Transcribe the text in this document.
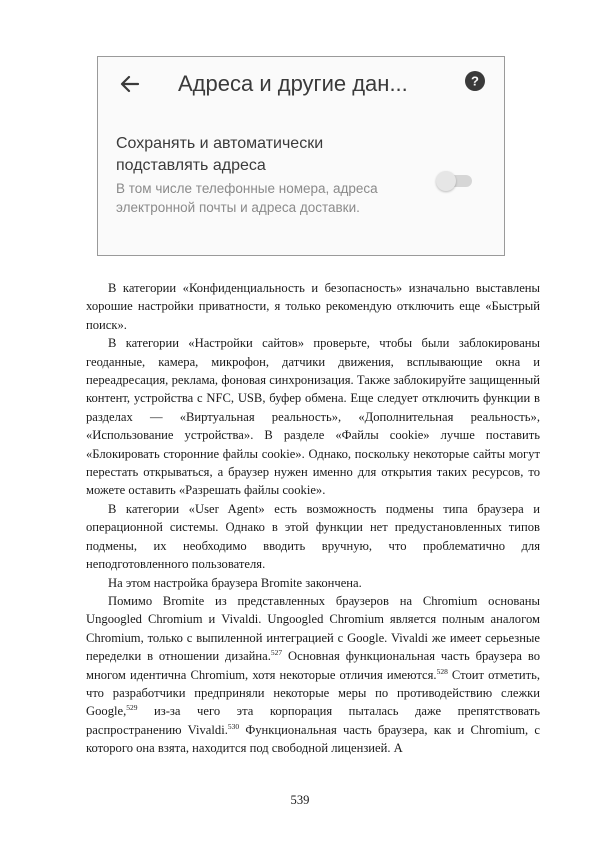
Адреса и другие дан...	?
Сохранять и автоматически подставлять адреса
В том числе телефонные номера, адреса электронной почты и адреса доставки.

В категории «Конфиденциальность и безопасность» изначально выставлены хорошие настройки приватности, я только рекомендую отключить еще «Быстрый поиск».

В категории «Настройки сайтов» проверьте, чтобы были заблокированы геоданные, камера, микрофон, датчики движения, всплывающие окна и переадресация, реклама, фоновая синхронизация. Также заблокируйте защищенный контент, устройства с NFC, USB, буфер обмена. Еще следует отключить функции в разделах — «Виртуальная реальность», «Дополнительная реальность», «Использование устройства». В разделе «Файлы cookie» лучше поставить «Блокировать сторонние файлы cookie». Однако, поскольку некоторые сайты могут перестать открываться, а браузер нужен именно для открытия таких ресурсов, то можете оставить «Разрешать файлы cookie».

В категории «User Agent» есть возможность подмены типа браузера и операционной системы. Однако в этой функции нет предустановленных типов подмены, их необходимо вводить вручную, что проблематично для неподготовленного пользователя.

На этом настройка браузера Bromite закончена.

Помимо Bromite из представленных браузеров на Chromium основаны Ungoogled Chromium и Vivaldi. Ungoogled Chromium является полным аналогом Chromium, только с выпиленной интеграцией с Google. Vivaldi же имеет серьезные переделки в отношении дизайна.$^{527}$ Основная функциональная часть браузера во многом идентична Chromium, хотя некоторые отличия имеются.$^{528}$ Стоит отметить, что разработчики предприняли некоторые меры по противодействию слежки Google,$^{529}$ из-за чего эта корпорация пыталась даже препятствовать распространению Vivaldi.$^{530}$ Функциональная часть браузера, как и Chromium, с которого она взята, находится под свободной лицензией. А

539
